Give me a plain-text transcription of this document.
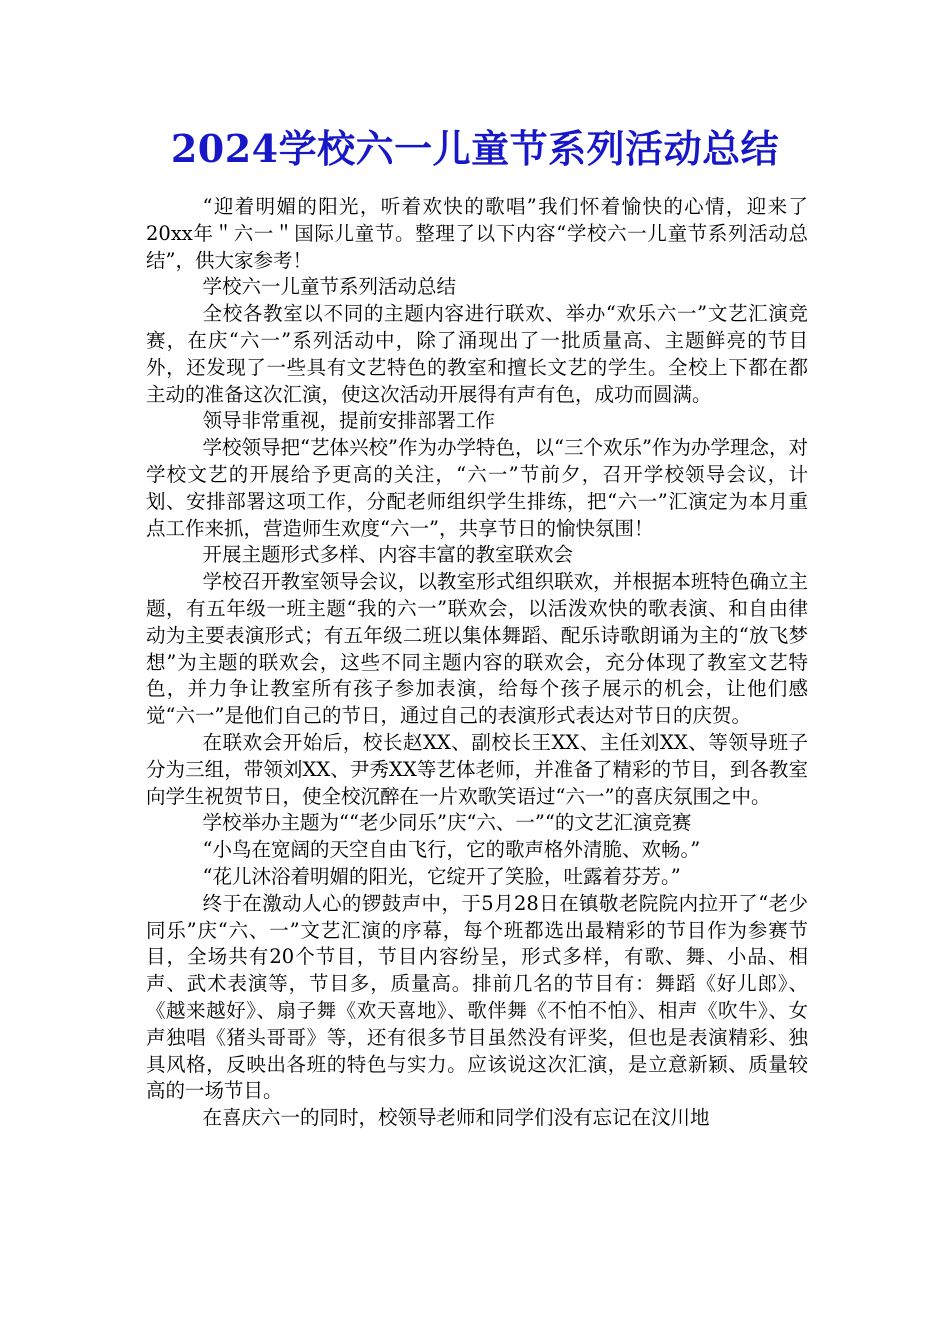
2024学校六一儿童节系列活动总结

“迎着明媚的阳光，听着欢快的歌唱”我们怀着愉快的心情，迎来了20xx年＂六一＂国际儿童节。整理了以下内容“学校六一儿童节系列活动总结”，供大家参考！

学校六一儿童节系列活动总结

全校各教室以不同的主题内容进行联欢、举办“欢乐六一”文艺汇演竞赛，在庆“六一”系列活动中，除了涌现出了一批质量高、主题鲜亮的节目外，还发现了一些具有文艺特色的教室和擅长文艺的学生。全校上下都在都主动的准备这次汇演，使这次活动开展得有声有色，成功而圆满。

领导非常重视，提前安排部署工作

学校领导把“艺体兴校”作为办学特色，以“三个欢乐”作为办学理念，对学校文艺的开展给予更高的关注，“六一”节前夕，召开学校领导会议，计划、安排部署这项工作，分配老师组织学生排练，把“六一”汇演定为本月重点工作来抓，营造师生欢度“六一”，共享节日的愉快氛围！

开展主题形式多样、内容丰富的教室联欢会

学校召开教室领导会议，以教室形式组织联欢，并根据本班特色确立主题，有五年级一班主题“我的六一”联欢会，以活泼欢快的歌表演、和自由律动为主要表演形式；有五年级二班以集体舞蹈、配乐诗歌朗诵为主的“放飞梦想”为主题的联欢会，这些不同主题内容的联欢会，充分体现了教室文艺特色，并力争让教室所有孩子参加表演，给每个孩子展示的机会，让他们感觉“六一”是他们自己的节日，通过自己的表演形式表达对节日的庆贺。

在联欢会开始后，校长赵XX、副校长王XX、主任刘XX、等领导班子分为三组，带领刘XX、尹秀XX等艺体老师，并准备了精彩的节目，到各教室向学生祝贺节日，使全校沉醉在一片欢歌笑语过“六一”的喜庆氛围之中。

学校举办主题为““老少同乐”庆“六、一”“的文艺汇演竞赛

“小鸟在宽阔的天空自由飞行，它的歌声格外清脆、欢畅。”

“花儿沐浴着明媚的阳光，它绽开了笑脸，吐露着芬芳。”

终于在激动人心的锣鼓声中，于5月28日在镇敬老院院内拉开了“老少同乐”庆“六、一”文艺汇演的序幕，每个班都选出最精彩的节目作为参赛节目，全场共有20个节目，节目内容纷呈，形式多样，有歌、舞、小品、相声、武术表演等，节目多，质量高。排前几名的节目有：舞蹈《好儿郎》、《越来越好》、扇子舞《欢天喜地》、歌伴舞《不怕不怕》、相声《吹牛》、女声独唱《猪头哥哥》等，还有很多节目虽然没有评奖，但也是表演精彩、独具风格，反映出各班的特色与实力。应该说这次汇演，是立意新颖、质量较高的一场节目。

在喜庆六一的同时，校领导老师和同学们没有忘记在汶川地
